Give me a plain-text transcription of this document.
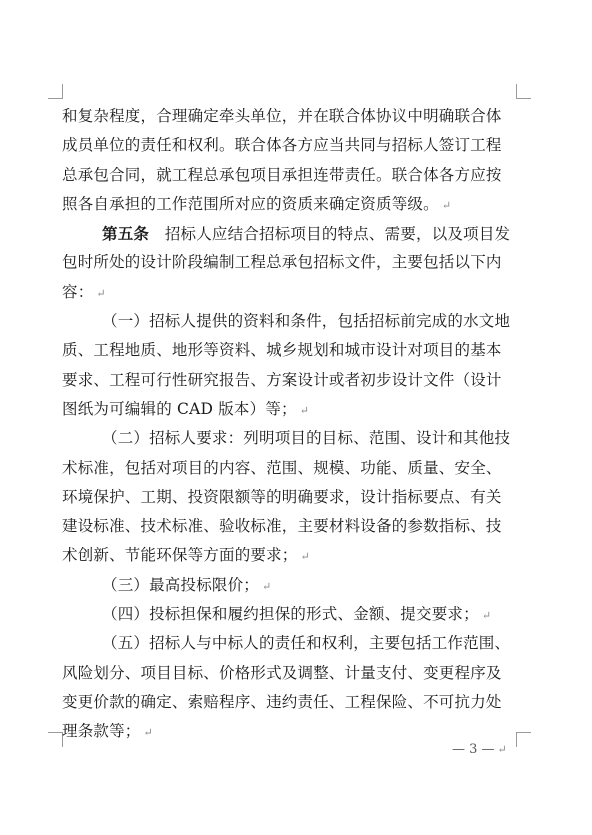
和复杂程度，合理确定牵头单位，并在联合体协议中明确联合体
成员单位的责任和权利。联合体各方应当共同与招标人签订工程
总承包合同，就工程总承包项目承担连带责任。联合体各方应按
照各自承担的工作范围所对应的资质来确定资质等级。 ↵
第五条　 招标人应结合招标项目的特点、需要，以及项目发
包时所处的设计阶段编制工程总承包招标文件，主要包括以下内
容： ↵
（一）招标人提供的资料和条件，包括招标前完成的水文地
质、工程地质、地形等资料、城乡规划和城市设计对项目的基本
要求、工程可行性研究报告、方案设计或者初步设计文件（设计
图纸为可编辑的 CAD 版本）等； ↵
（二）招标人要求：列明项目的目标、范围、设计和其他技
术标准，包括对项目的内容、范围、规模、功能、质量、安全、
环境保护、工期、投资限额等的明确要求，设计指标要点、有关
建设标准、技术标准、验收标准，主要材料设备的参数指标、技
术创新、节能环保等方面的要求； ↵
（三）最高投标限价； ↵
（四）投标担保和履约担保的形式、金额、提交要求； ↵
（五）招标人与中标人的责任和权利，主要包括工作范围、
风险划分、项目目标、价格形式及调整、计量支付、变更程序及
变更价款的确定、索赔程序、违约责任、工程保险、不可抗力处
理条款等； ↵
— 3 — ↵
